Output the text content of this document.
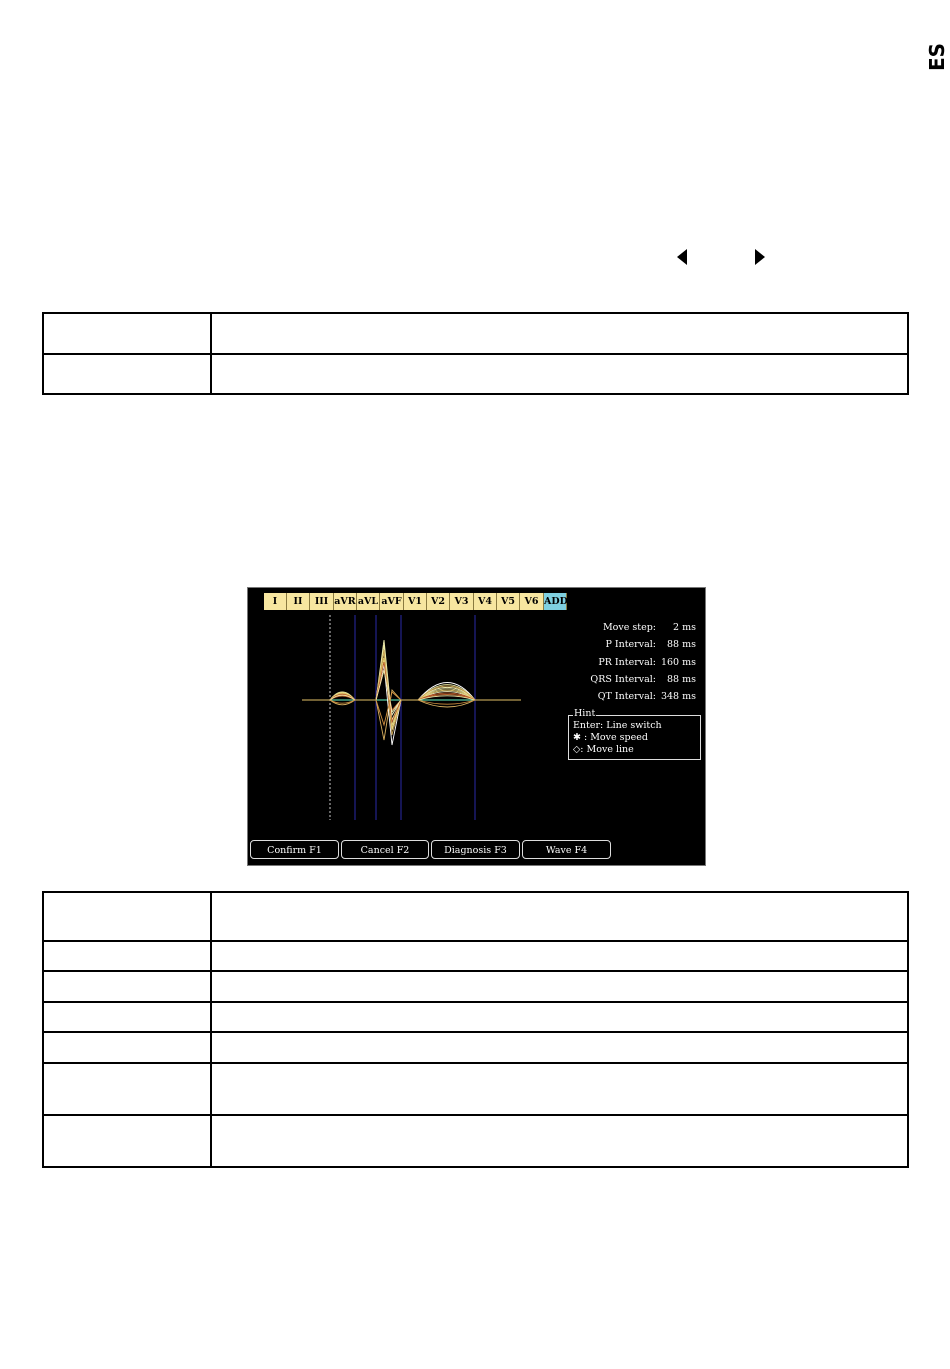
ES

I	II	III aVR aVL aVF V1 V2	V3	V4 V5	V6 ADD
Move step:	2 ms
P Interval:	88 ms
PR Interval: 160 ms
QRS Interval:	88 ms
QT Interval: 348 ms
Hint
Enter: Line switch
✱ : Move speed
◇: Move line
Confirm F1	Cancel F2	Diagnosis F3	Wave F4
